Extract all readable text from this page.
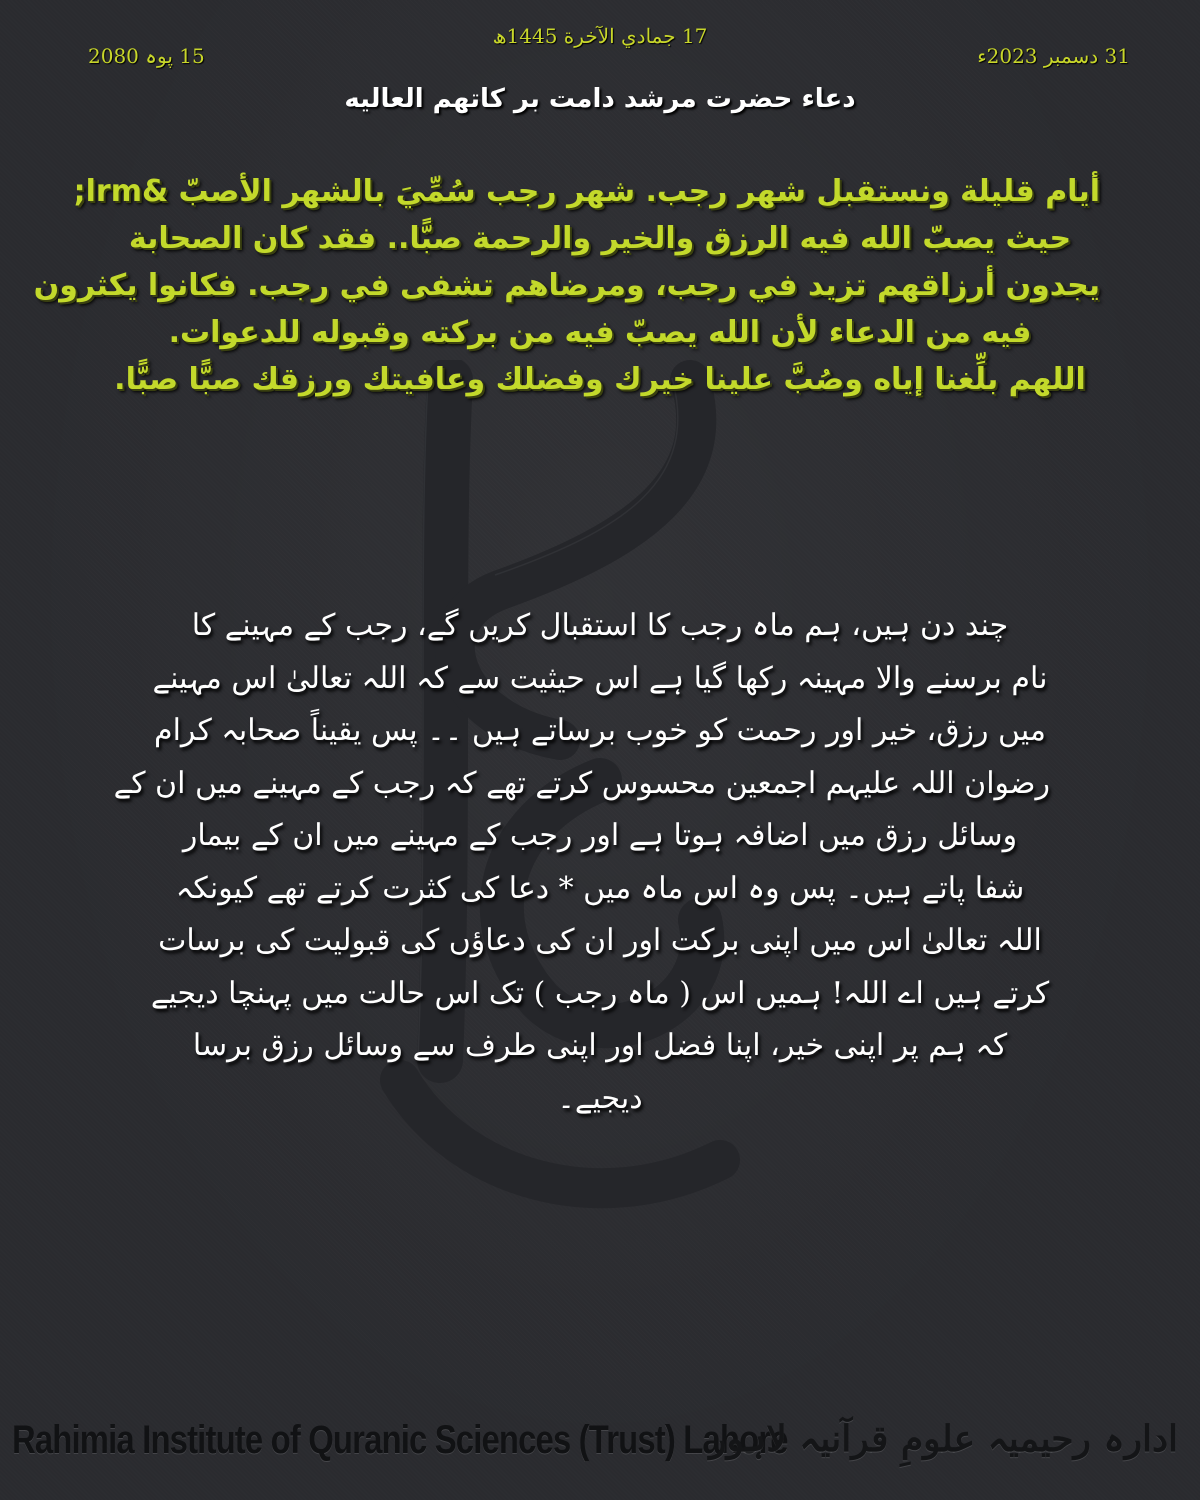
31 دسمبر 2023ء
15 پوہ 2080
17 جمادي الآخرة 1445ھ
دعاء حضرت مرشد دامت بر کاتھم العالیه
أيام قليلة ونستقبل شهر رجب. شهر رجب سُمِّيَ بالشهر الأصبّ &lrm;
حيث يصبّ الله فيه الرزق والخير والرحمة صبًّا.. فقد كان الصحابة
يجدون أرزاقهم تزيد في رجب، ومرضاهم تشفى في رجب. فكانوا يكثرون
فيه من الدعاء لأن الله يصبّ فيه من بركته وقبوله للدعوات.
اللهم بلِّغنا إياه وصُبَّ علينا خيرك وفضلك وعافيتك ورزقك صبًّا صبًّا.
چند دن ہیں، ہم ماہ رجب کا استقبال کریں گے، رجب کے مہینے کا
نام برسنے والا مہینہ رکھا گیا ہے اس حیثیت سے کہ اللہ تعالیٰ اس مہینے
میں رزق، خیر اور رحمت کو خوب برساتے ہیں ۔۔ پس یقیناً صحابہ کرام
رضوان اللہ علیہم اجمعین محسوس کرتے تھے کہ رجب کے مہینے میں ان کے
وسائل رزق میں اضافہ ہوتا ہے اور رجب کے مہینے میں ان کے بیمار
شفا پاتے ہیں۔ پس وہ اس ماہ میں * دعا کی کثرت کرتے تھے کیونکہ
اللہ تعالیٰ اس میں اپنی برکت اور ان کی دعاؤں کی قبولیت کی برسات
کرتے ہیں اے اللہ! ہمیں اس ( ماہ رجب ) تک اس حالت میں پہنچا دیجیے
کہ ہم پر اپنی خیر، اپنا فضل اور اپنی طرف سے وسائل رزق برسا
دیجیے۔
Rahimia Institute of Quranic Sciences (Trust) Lahore
ادارہ رحیمیہ علومِ قرآنیہ لاہور
